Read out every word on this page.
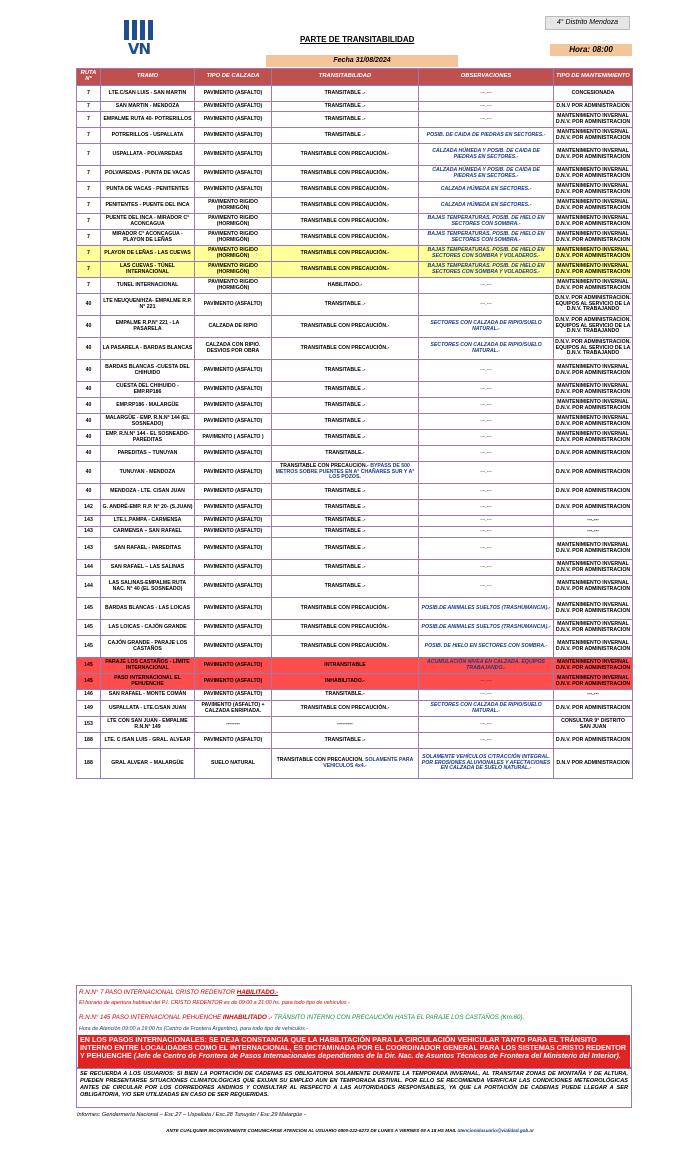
VN
PARTE DE TRANSITABILIDAD
4° Distrito Mendoza
Hora: 08:00
Fecha 31/08/2024
RUTA N°	TRAMO	TIPO DE CALZADA	TRANSITABILIDAD	OBSERVACIONES	TIPO DE MANTENIMIENTO
7	LTE.C/SAN LUIS - SAN MARTIN	PAVIMENTO (ASFALTO)	TRANSITABLE .-	---.---	CONCESIONADA
7	SAN MARTIN - MENDOZA	PAVIMENTO (ASFALTO)	TRANSITABLE .-	---.---	D.N.V POR ADMINISTRACION
7	EMPALME RUTA 40- POTRERILLOS	PAVIMENTO (ASFALTO)	TRANSITABLE .-	---.---	MANTENIMIENTO INVERNAL D.N.V. POR ADMINISTRACION
7	POTRERILLOS - USPALLATA	PAVIMENTO (ASFALTO)	TRANSITABLE .-	POSIB. DE CAIDA DE PIEDRAS EN SECTORES.-	MANTENIMIENTO INVERNAL D.N.V. POR ADMINISTRACION
7	USPALLATA - POLVAREDAS	PAVIMENTO (ASFALTO)	TRANSITABLE CON PRECAUCIÓN.-	CALZADA HÚMEDA Y POSIB. DE CAIDA DE PIEDRAS EN SECTORES.-	MANTENIMIENTO INVERNAL D.N.V. POR ADMINISTRACION
7	POLVAREDAS - PUNTA DE VACAS	PAVIMENTO (ASFALTO)	TRANSITABLE CON PRECAUCIÓN.-	CALZADA HÚMEDA Y POSIB. DE CAIDA DE PIEDRAS EN SECTORES.-	MANTENIMIENTO INVERNAL D.N.V. POR ADMINISTRACION
7	PUNTA DE VACAS - PENITENTES	PAVIMENTO (ASFALTO)	TRANSITABLE CON PRECAUCIÓN.-	CALZADA HÚMEDA EN SECTORES.-	MANTENIMIENTO INVERNAL D.N.V. POR ADMINISTRACION
7	PENITENTES - PUENTE DEL INCA	PAVIMENTO RIGIDO (HORMIGÓN)	TRANSITABLE CON PRECAUCIÓN.-	CALZADA HÚMEDA EN SECTORES.-	MANTENIMIENTO INVERNAL D.N.V. POR ADMINISTRACION
7	PUENTE DEL INCA - MIRADOR C° ACONCAGUA	PAVIMENTO RIGIDO (HORMIGÓN)	TRANSITABLE CON PRECAUCIÓN.-	BAJAS TEMPERATURAS. POSIB. DE HIELO EN SECTORES CON SOMBRA.-	MANTENIMIENTO INVERNAL D.N.V. POR ADMINISTRACION
7	MIRADOR C° ACONCAGUA - PLAYON DE LEÑAS	PAVIMENTO RIGIDO (HORMIGÓN)	TRANSITABLE CON PRECAUCIÓN.-	BAJAS TEMPERATURAS. POSIB. DE HIELO EN SECTORES CON SOMBRA.-	MANTENIMIENTO INVERNAL D.N.V. POR ADMINISTRACION
7	PLAYON DE LEÑAS - LAS CUEVAS	PAVIMENTO RIGIDO (HORMIGÓN)	TRANSITABLE CON PRECAUCIÓN.-	BAJAS TEMPERATURAS. POSIB. DE HIELO EN SECTORES CON SOMBRA Y VOLADEROS.-	MANTENIMIENTO INVERNAL D.N.V. POR ADMINISTRACION
7	LAS CUEVAS - TÚNEL INTERNACIONAL	PAVIMENTO RIGIDO (HORMIGÓN)	TRANSITABLE CON PRECAUCIÓN.-	BAJAS TEMPERATURAS. POSIB. DE HIELO EN SECTORES CON SOMBRA Y VOLADEROS.-	MANTENIMIENTO INVERNAL D.N.V. POR ADMINISTRACION
7	TUNEL INTERNACIONAL	PAVIMENTO RIGIDO (HORMIGÓN)	HABILITADO.-	---.---	MANTENIMIENTO INVERNAL D.N.V. POR ADMINISTRACION
40	LTE NEUQUEN/HZA- EMPALME R.P. N° 221	PAVIMENTO (ASFALTO)	TRANSITABLE .-	---.---	D.N.V. POR ADMINISTRACION. EQUIPOS AL SERVICIO DE LA D.N.V. TRABAJANDO
40	EMPALME R.P.N° 221 - LA PASARELA	CALZADA DE RIPIO	TRANSITABLE CON PRECAUCIÓN.-	SECTORES CON CALZADA DE RIPIO/SUELO NATURAL.-	D.N.V. POR ADMINISTRACION. EQUIPOS AL SERVICIO DE LA D.N.V. TRABAJANDO
40	LA PASARELA - BARDAS BLANCAS	CALZADA CON RIPIO. DESVIOS POR OBRA	TRANSITABLE CON PRECAUCIÓN.-	SECTORES CON CALZADA DE RIPIO/SUELO NATURAL.-	D.N.V. POR ADMINISTRACION. EQUIPOS AL SERVICIO DE LA D.N.V. TRABAJANDO
40	BARDAS BLANCAS -CUESTA DEL CHIHUIDO	PAVIMENTO (ASFALTO)	TRANSITABLE .-	---.---	MANTENIMIENTO INVERNAL D.N.V. POR ADMINISTRACION
40	CUESTA DEL CHIHUIDO - EMP.RP186	PAVIMENTO (ASFALTO)	TRANSITABLE .-	---.---	MANTENIMIENTO INVERNAL D.N.V. POR ADMINISTRACION
40	EMP.RP186 - MALARGÜE	PAVIMENTO (ASFALTO)	TRANSITABLE .-	---.---	MANTENIMIENTO INVERNAL D.N.V. POR ADMINISTRACION
40	MALARGÜE - EMP. R.N.N° 144 (EL SOSNEADO)	PAVIMENTO (ASFALTO)	TRANSITABLE .-	---.---	MANTENIMIENTO INVERNAL D.N.V. POR ADMINISTRACION
40	EMP. R.N.N° 144 - EL SOSNEADO- PAREDITAS	PAVIMENTO ( ASFALTO )	TRANSITABLE .-	---.---	MANTENIMIENTO INVERNAL D.N.V. POR ADMINISTRACION
40	PAREDITAS – TUNUYAN	PAVIMENTO (ASFALTO)	TRANSITABLE.-	---.---	D.N.V. POR ADMINISTRACION
40	TUNUYAN - MENDOZA	PAVIMENTO (ASFALTO)	TRANSITABLE CON PRECAUCION.- BYPASS DE 500 METROS SOBRE PUENTES EN A° CHAÑARES SUR Y A° LOS POZOS.	---.---	D.N.V. POR ADMINISTRACION
40	MENDOZA - LTE. C/SAN JUAN	PAVIMENTO (ASFALTO)	TRANSITABLE .-	---.---	D.N.V. POR ADMINISTRACION
142	G. ANDRÉ-EMP. R.P. N° 20- (S.JUAN)	PAVIMENTO (ASFALTO)	TRANSITABLE .-	---.---	D.N.V. POR ADMINISTRACION
143	LTE.L.PAMPA - CARMENSA	PAVIMENTO (ASFALTO)	TRANSITABLE .-	---.---	---.---
143	CARMENSA – SAN RAFAEL	PAVIMENTO (ASFALTO)	TRANSITABLE .-	---.---	---.---
143	SAN RAFAEL - PAREDITAS	PAVIMENTO (ASFALTO)	TRANSITABLE .-	---.---	MANTENIMIENTO INVERNAL D.N.V. POR ADMINISTRACION
144	SAN RAFAEL – LAS SALINAS	PAVIMENTO (ASFALTO)	TRANSITABLE .-	---.---	MANTENIMIENTO INVERNAL D.N.V. POR ADMINISTRACION
144	LAS SALINAS-EMPALME RUTA NAC. N° 40 (EL SOSNEADO)	PAVIMENTO (ASFALTO)	TRANSITABLE .-	---.---	MANTENIMIENTO INVERNAL D.N.V. POR ADMINISTRACION
145	BARDAS BLANCAS - LAS LOICAS	PAVIMENTO (ASFALTO)	TRANSITABLE CON PRECAUCIÓN.-	POSIB.DE ANIMALES SUELTOS (TRASHUMANCIA).-	MANTENIMIENTO INVERNAL D.N.V. POR ADMINISTRACION
145	LAS LOICAS - CAJÓN GRANDE	PAVIMENTO (ASFALTO)	TRANSITABLE CON PRECAUCIÓN.-	POSIB.DE ANIMALES SUELTOS (TRASHUMANCIA).-	MANTENIMIENTO INVERNAL D.N.V. POR ADMINISTRACION
145	CAJÓN GRANDE - PARAJE LOS CASTAÑOS	PAVIMENTO (ASFALTO)	TRANSITABLE CON PRECAUCIÓN.-	POSIB. DE HIELO EN SECTORES CON SOMBRA.-	MANTENIMIENTO INVERNAL D.N.V. POR ADMINISTRACION
145	PARAJE LOS CASTAÑOS - LÍMITE INTERNACIONAL	PAVIMENTO (ASFALTO)	INTRANSITABLE	ACUMULACIÓN NIVEA EN CALZADA. EQUIPOS TRABAJANDO.-	MANTENIMIENTO INVERNAL D.N.V. POR ADMINISTRACION
145	PASO INTERNACIONAL EL PEHUENCHE	PAVIMENTO (ASFALTO)	INHABILITADO.-	---.---	MANTENIMIENTO INVERNAL D.N.V. POR ADMINISTRACION
146	SAN RAFAEL - MONTE COMÁN	PAVIMENTO (ASFALTO)	TRANSITABLE.-	---.---	---.---
149	USPALLATA - LTE.C/SAN JUAN	PAVIMENTO (ASFALTO) + CALZADA ENRIPIADA.	TRANSITABLE CON PRECAUCIÓN.-	SECTORES CON CALZADA DE RIPIO/SUELO NATURAL.-	D.N.V. POR ADMINISTRACION
153	LTE CON SAN JUAN - EMPALME R.N.N° 149	--------	---------	---.---	CONSULTAR 9° DISTRITO SAN JUAN
188	LTE. C /SAN LUIS - GRAL. ALVEAR	PAVIMENTO (ASFALTO)	TRANSITABLE .-	---.---	D.N.V. POR ADMINISTRACION
188	GRAL ALVEAR – MALARGÜE	SUELO NATURAL	TRANSITABLE CON PRECAUCION. SOLAMENTE PARA VEHICULOS 4x4.-	SOLAMENTE VEHÍCULOS C/TRACCIÓN INTEGRAL. POR EROSIONES ALUVIONALES Y AFECTACIONES EN CALZADA DE SUELO NATURAL.-	D.N.V POR ADMINISTRACION
R.N.N° 7 PASO INTERNACIONAL CRISTO REDENTOR HABILITADO.-
El horario de apertura habitual del P.I. CRISTO REDENTOR es de 09:00 a 21:00 hs. para todo tipo de vehículos.-
R.N.N° 145 PASO INTERNACIONAL PEHUENCHE INHABILITADO .- TRÁNSITO INTERNO CON PRECAUCIÓN HASTA EL PARAJE LOS CASTAÑOS (Km.60).
Hora de Atención 09:00 a 19:00 hs (Centro de Frontera Argentino), para todo tipo de vehículos.-
EN LOS PASOS INTERNACIONALES: SE DEJA CONSTANCIA QUE LA HABILITACIÓN PARA LA CIRCULACIÓN VEHICULAR TANTO PARA EL TRÁNSITO INTERNO ENTRE LOCALIDADES COMO EL INTERNACIONAL, ES DICTAMINADA POR EL COORDINADOR GENERAL PARA LOS SISTEMAS CRISTO REDENTOR Y PEHUENCHE (Jefe de Centro de Frontera de Pasos Internacionales dependientes de la Dir. Nac. de Asuntos Técnicos de Frontera del Ministerio del Interior).
SE RECUERDA A LOS USUARIOS: SI BIEN LA PORTACIÓN DE CADENAS ES OBLIGATORIA SOLAMENTE DURANTE LA TEMPORADA INVERNAL, AL TRANSITAR ZONAS DE MONTAÑA Y DE ALTURA, PUEDEN PRESENTARSE SITUACIONES CLIMATOLÓGICAS QUE EXIJAN SU EMPLEO AUN EN TEMPORADA ESTIVAL. POR ELLO SE RECOMIENDA VERIFICAR LAS CONDICIONES METEOROLÓGICAS ANTES DE CIRCULAR POR LOS CORREDORES ANDINOS Y CONSULTAR AL RESPECTO A LAS AUTORIDADES RESPONSABLES, YA QUE LA PORTACIÓN DE CADENAS PUEDE LLEGAR A SER OBLIGATORIA, Y/O SER UTILIZADAS EN CASO DE SER REQUERIDAS.
Informes: Gendarmería Nacional – Esc.27 – Uspallata / Esc.28 Tunuyán / Esc.29 Malargüe -
ANTE CUALQUIER INCONVENIENTE COMUNICARSE ATENCION AL USUARIO 0800-222-6272 DE LUNES A VIERNES 09 A 18 HS MAIL atencionalusuario@vialidad.gob.ar
